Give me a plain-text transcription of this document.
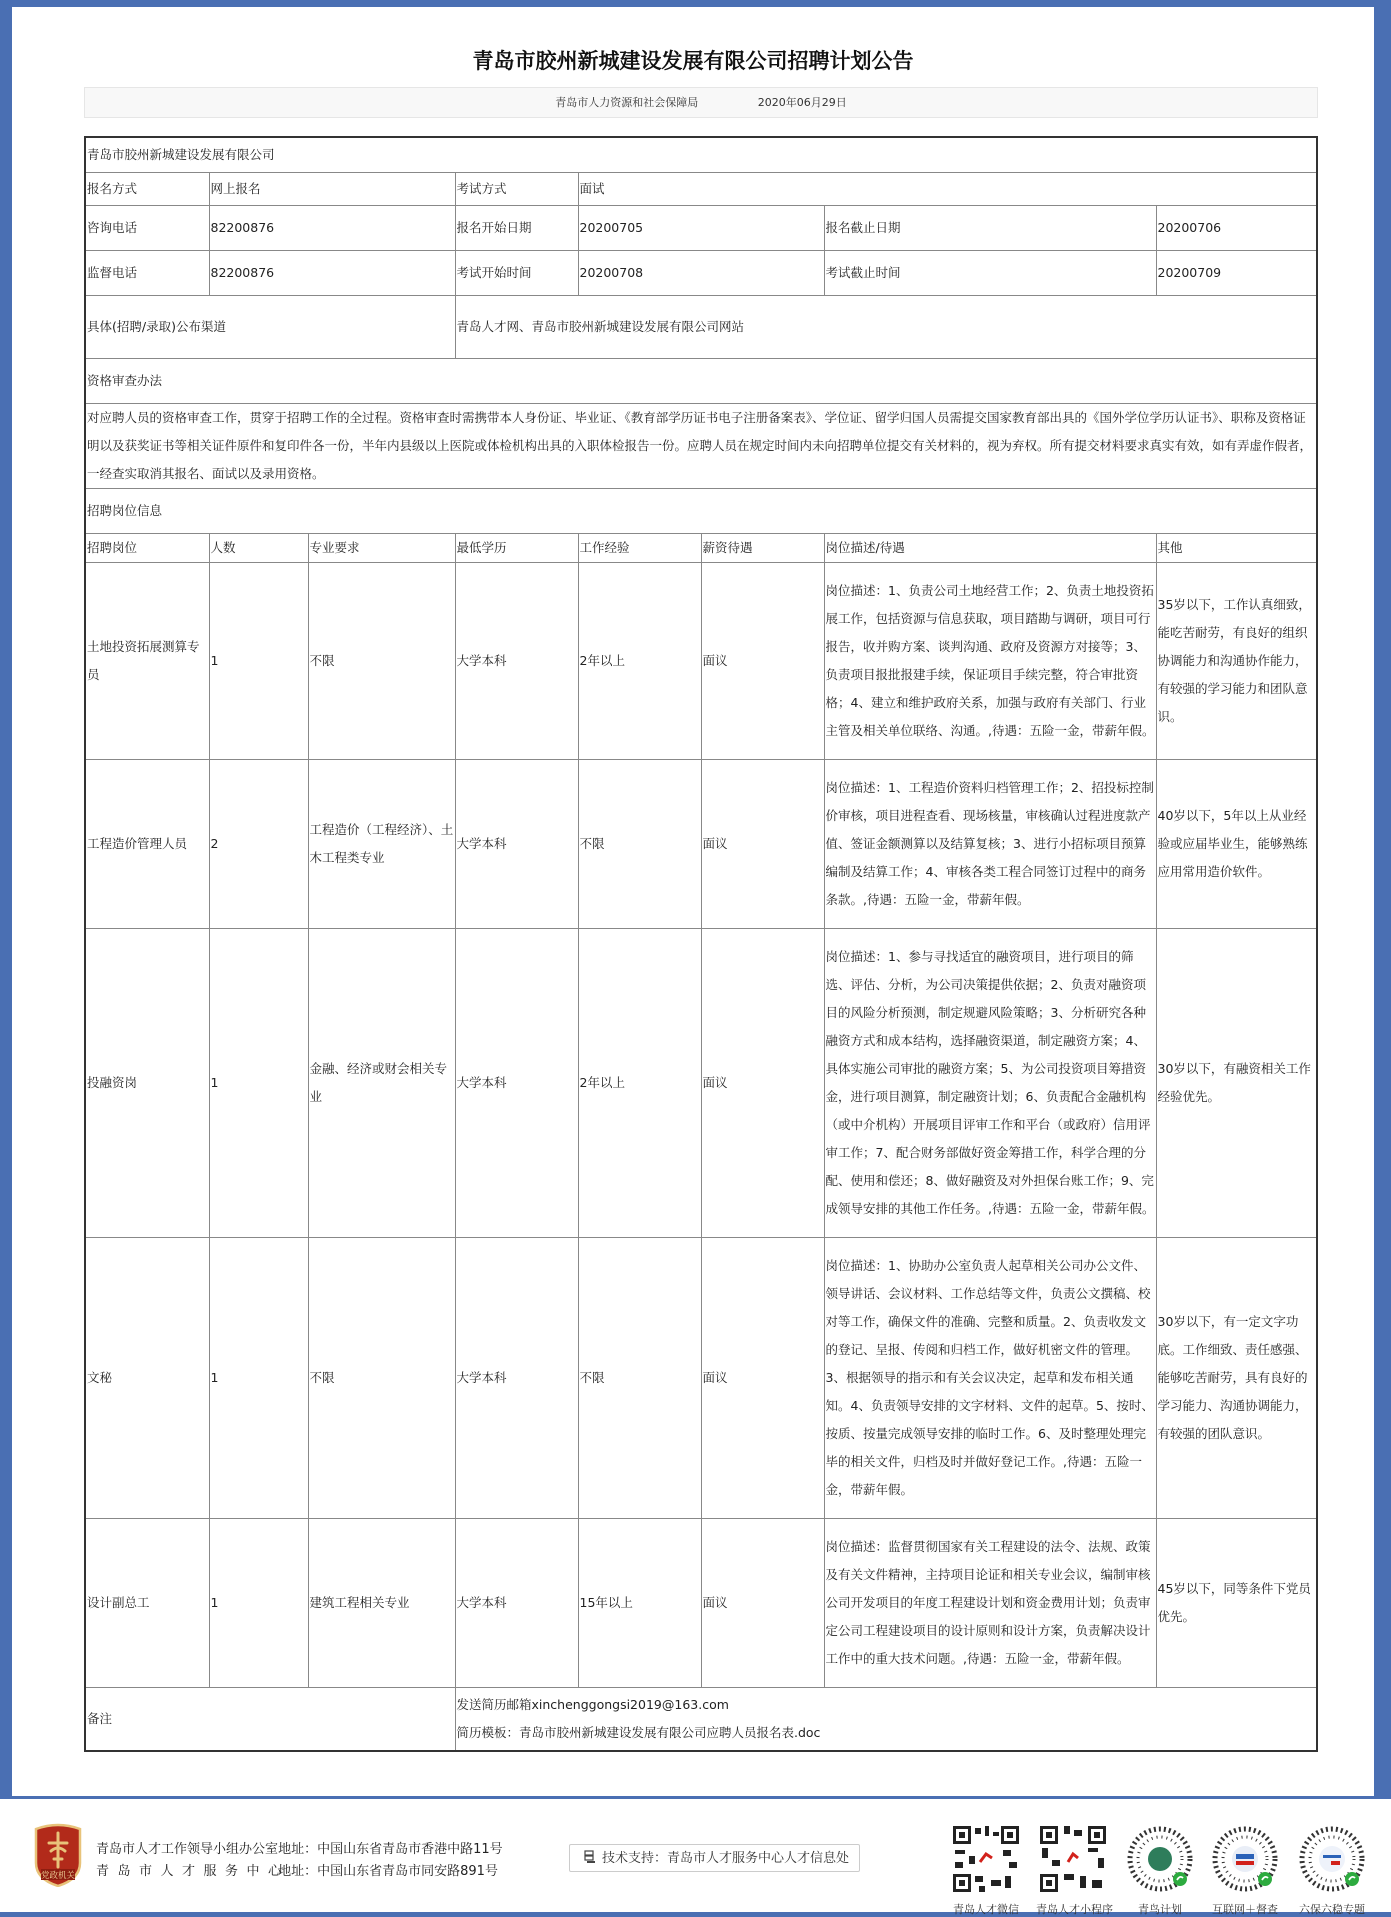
青岛市胶州新城建设发展有限公司招聘计划公告
青岛市人力资源和社会保障局	2020年06月29日
青岛市胶州新城建设发展有限公司							
报名方式	网上报名		考试方式	面试			
咨询电话	82200876		报名开始日期	20200705		报名截止日期	20200706
监督电话	82200876		考试开始时间	20200708		考试截止时间	20200709
具体(招聘/录取)公布渠道			青岛人才网、青岛市胶州新城建设发展有限公司网站				
资格审查办法							
对应聘人员的资格审查工作，贯穿于招聘工作的全过程。资格审查时需携带本人身份证、毕业证、《教育部学历证书电子注册备案表》、学位证、留学归国人员需提交国家教育部出具的《国外学位学历认证书》、职称及资格证明以及获奖证书等相关证件原件和复印件各一份，半年内县级以上医院或体检机构出具的入职体检报告一份。应聘人员在规定时间内未向招聘单位提交有关材料的，视为弃权。所有提交材料要求真实有效，如有弄虚作假者，一经查实取消其报名、面试以及录用资格。							
招聘岗位信息							
招聘岗位	人数	专业要求	最低学历	工作经验	薪资待遇	岗位描述/待遇	其他
土地投资拓展测算专员	1	不限	大学本科	2年以上	面议	岗位描述：1、负责公司土地经营工作；2、负责土地投资拓展工作，包括资源与信息获取，项目踏勘与调研，项目可行报告，收并购方案、谈判沟通、政府及资源方对接等；3、负责项目报批报建手续，保证项目手续完整，符合审批资格；4、建立和维护政府关系，加强与政府有关部门、行业主管及相关单位联络、沟通。,待遇：五险一金，带薪年假。	35岁以下，工作认真细致，能吃苦耐劳，有良好的组织协调能力和沟通协作能力，有较强的学习能力和团队意识。
工程造价管理人员	2	工程造价（工程经济）、土木工程类专业	大学本科	不限	面议	岗位描述：1、工程造价资料归档管理工作；2、招投标控制价审核，项目进程查看、现场核量，审核确认过程进度款产值、签证金额测算以及结算复核；3、进行小招标项目预算编制及结算工作；4、审核各类工程合同签订过程中的商务条款。,待遇：五险一金，带薪年假。	40岁以下，5年以上从业经验或应届毕业生，能够熟练应用常用造价软件。
投融资岗	1	金融、经济或财会相关专业	大学本科	2年以上	面议	岗位描述：1、参与寻找适宜的融资项目，进行项目的筛选、评估、分析，为公司决策提供依据；2、负责对融资项目的风险分析预测，制定规避风险策略；3、分析研究各种融资方式和成本结构，选择融资渠道，制定融资方案；4、具体实施公司审批的融资方案；5、为公司投资项目筹措资金，进行项目测算，制定融资计划；6、负责配合金融机构（或中介机构）开展项目评审工作和平台（或政府）信用评审工作；7、配合财务部做好资金筹措工作，科学合理的分配、使用和偿还；8、做好融资及对外担保台账工作；9、完成领导安排的其他工作任务。,待遇：五险一金，带薪年假。	30岁以下，有融资相关工作经验优先。
文秘	1	不限	大学本科	不限	面议	岗位描述：1、协助办公室负责人起草相关公司办公文件、领导讲话、会议材料、工作总结等文件，负责公文撰稿、校对等工作，确保文件的准确、完整和质量。2、负责收发文的登记、呈报、传阅和归档工作，做好机密文件的管理。3、根据领导的指示和有关会议决定，起草和发布相关通知。4、负责领导安排的文字材料、文件的起草。5、按时、按质、按量完成领导安排的临时工作。6、及时整理处理完毕的相关文件，归档及时并做好登记工作。,待遇：五险一金，带薪年假。	30岁以下，有一定文字功底。工作细致、责任感强、能够吃苦耐劳，具有良好的学习能力、沟通协调能力，有较强的团队意识。
设计副总工	1	建筑工程相关专业	大学本科	15年以上	面议	岗位描述：监督贯彻国家有关工程建设的法令、法规、政策及有关文件精神，主持项目论证和相关专业会议，编制审核公司开发项目的年度工程建设计划和资金费用计划；负责审定公司工程建设项目的设计原则和设计方案，负责解决设计工作中的重大技术问题。,待遇：五险一金，带薪年假。	45岁以下，同等条件下党员优先。
备注			发送简历邮箱xinchenggongsi2019@163.com
简历模板：青岛市胶州新城建设发展有限公司应聘人员报名表.doc				
党政机关
青岛市人才工作领导小组办公室 地址：中国山东省青岛市香港中路11号
青岛市人才服务中心 地址：中国山东省青岛市同安路891号
技术支持：青岛市人才服务中心人才信息处
青岛人才微信	青岛人才小程序	青鸟计划	互联网＋督查	六保六稳专题
